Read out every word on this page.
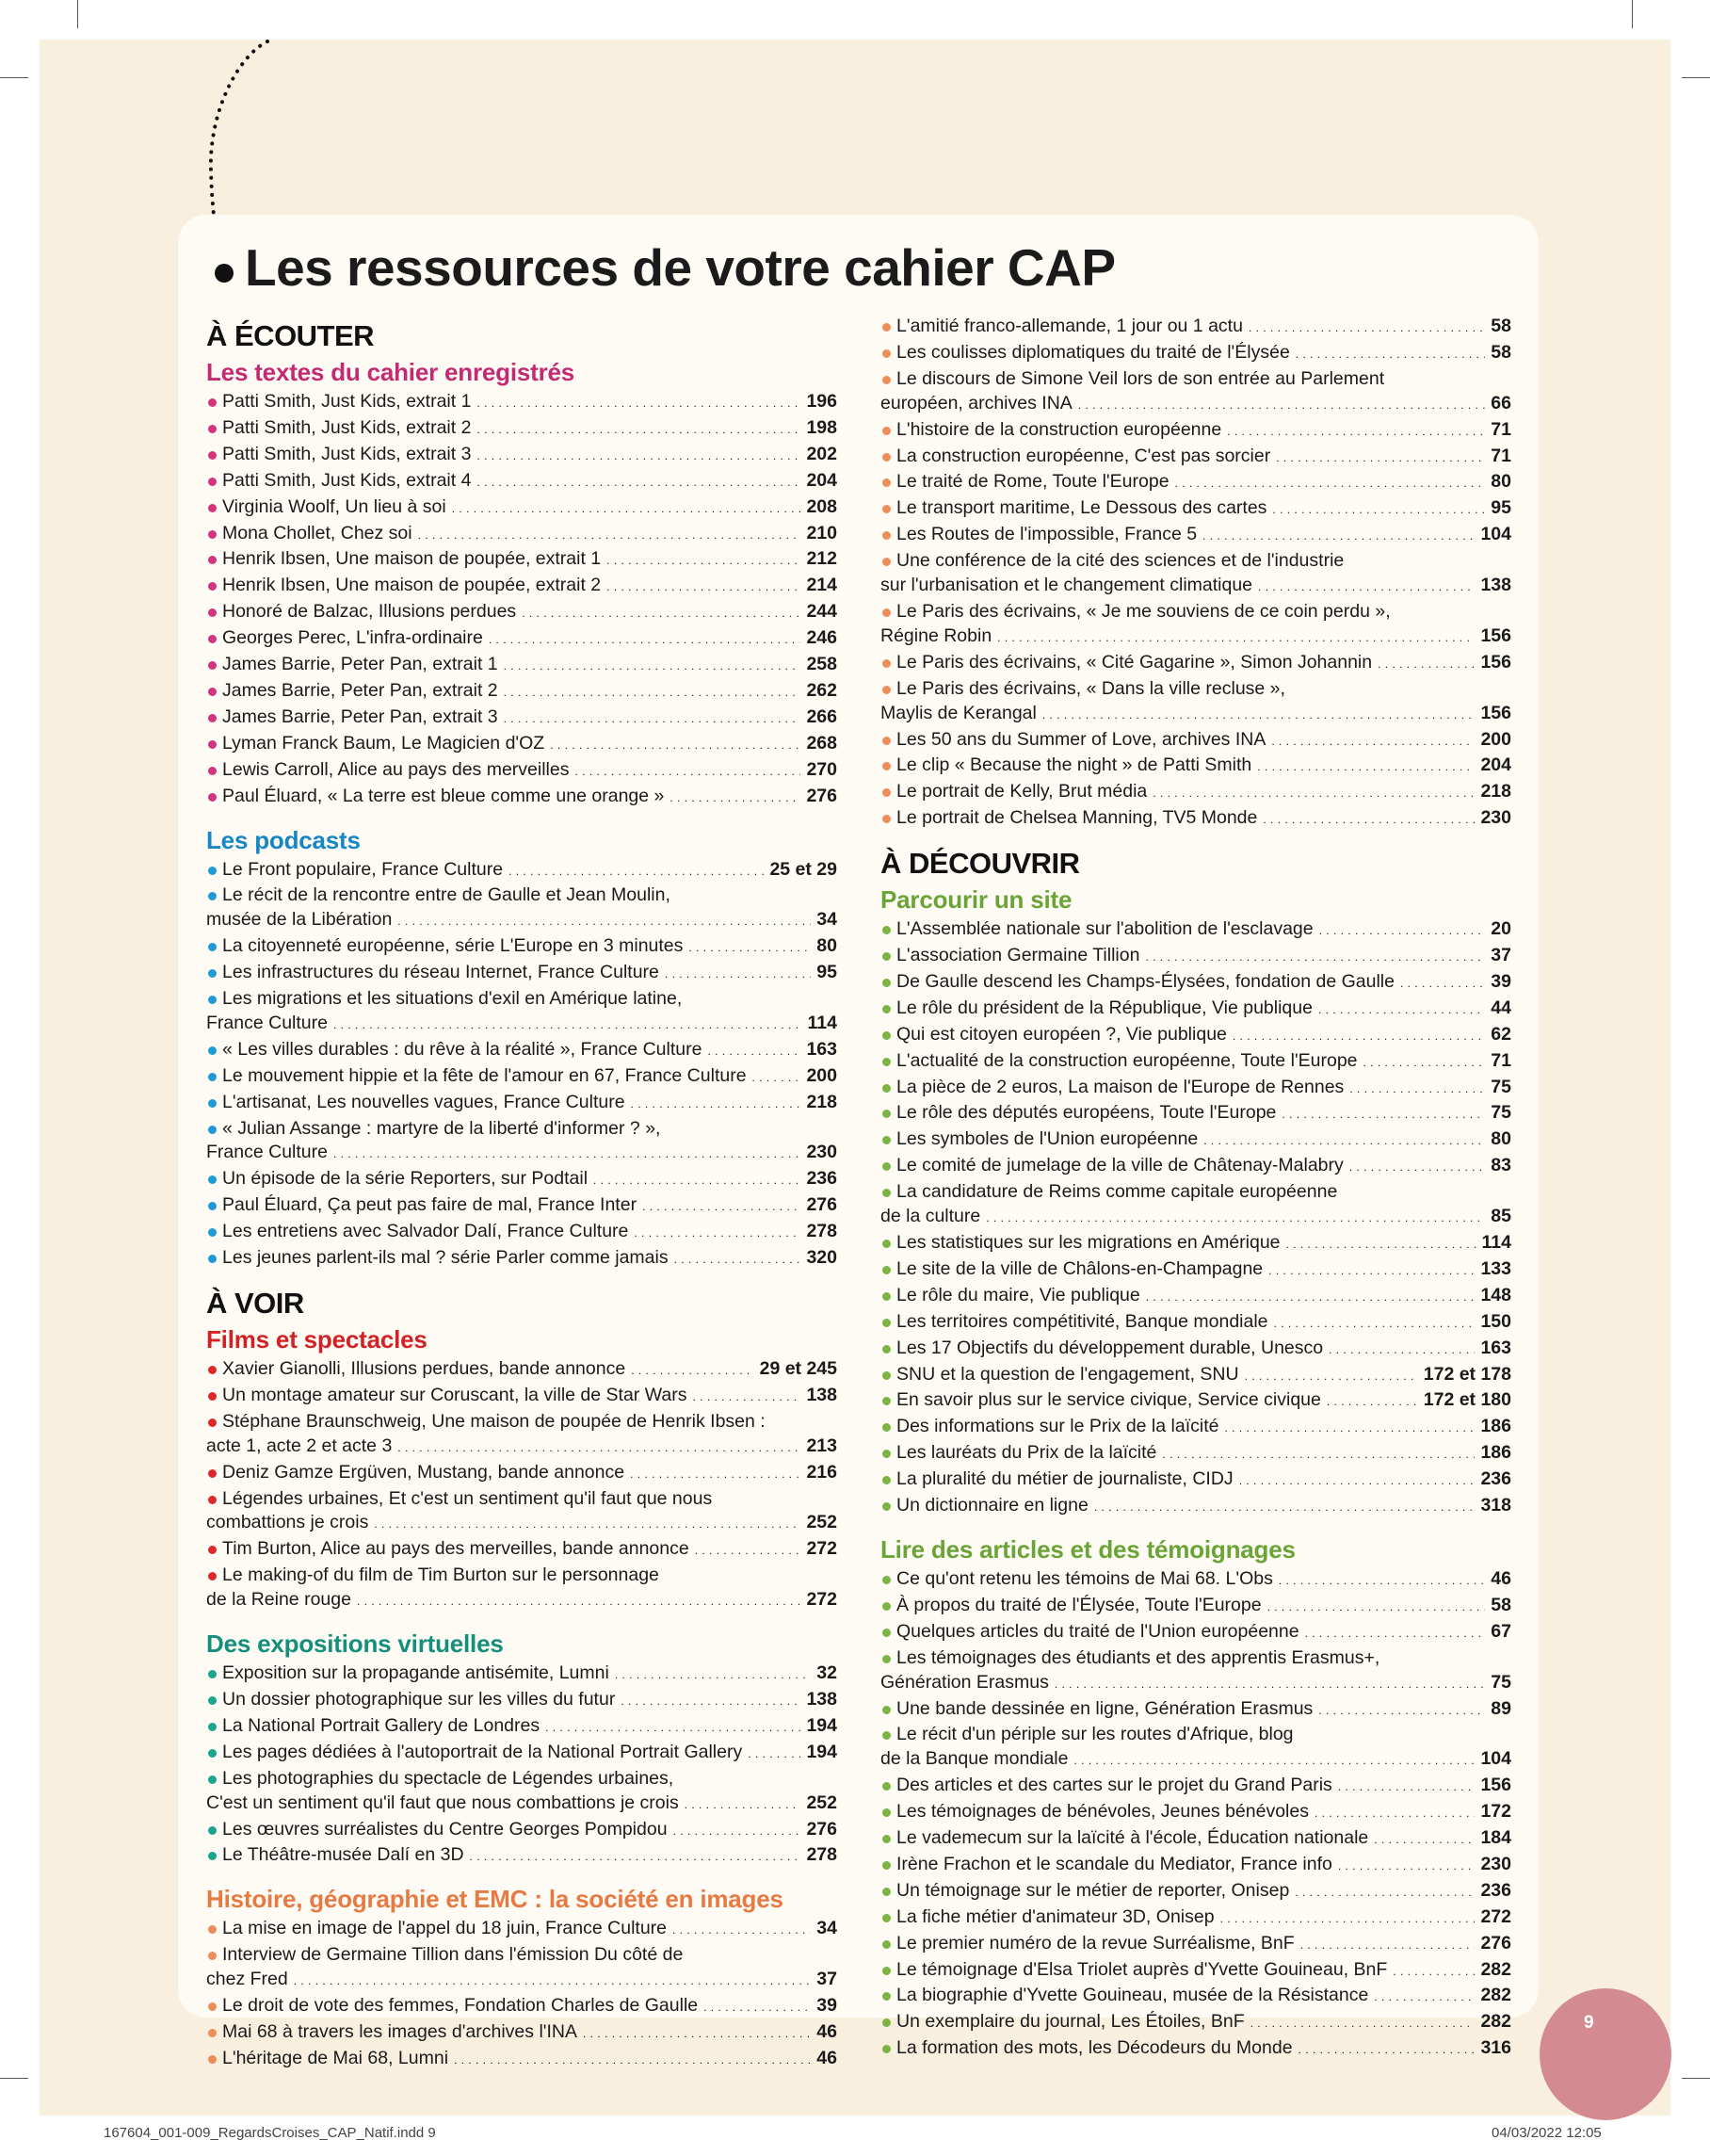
Les ressources de votre cahier CAP
À ÉCOUTER
Les textes du cahier enregistrés
Patti Smith, Just Kids, extrait 1 . . .	196
Patti Smith, Just Kids, extrait 2 . . .	198
Patti Smith, Just Kids, extrait 3 . . .	202
Patti Smith, Just Kids, extrait 4 . . .	204
Virginia Woolf, Un lieu à soi . . .	208
Mona Chollet, Chez soi . . .	210
Henrik Ibsen, Une maison de poupée, extrait 1 . . .	212
Henrik Ibsen, Une maison de poupée, extrait 2 . . .	214
Honoré de Balzac, Illusions perdues . . .	244
Georges Perec, L'infra-ordinaire . . .	246
James Barrie, Peter Pan, extrait 1 . . .	258
James Barrie, Peter Pan, extrait 2 . . .	262
James Barrie, Peter Pan, extrait 3 . . .	266
Lyman Franck Baum, Le Magicien d'OZ . . .	268
Lewis Carroll, Alice au pays des merveilles . . .	270
Paul Éluard, « La terre est bleue comme une orange » . . .	276
Les podcasts
Le Front populaire, France Culture . . .	25 et 29
Le récit de la rencontre entre de Gaulle et Jean Moulin,
musée de la Libération . . .	34
La citoyenneté européenne, série L'Europe en 3 minutes . . .	80
Les infrastructures du réseau Internet, France Culture . . .	95
Les migrations et les situations d'exil en Amérique latine,
France Culture . . .	114
« Les villes durables : du rêve à la réalité », France Culture . . .	163
Le mouvement hippie et la fête de l'amour en 67, France Culture . . .	200
L'artisanat, Les nouvelles vagues, France Culture . . .	218
« Julian Assange : martyre de la liberté d'informer ? »,
France Culture . . .	230
Un épisode de la série Reporters, sur Podtail . . .	236
Paul Éluard, Ça peut pas faire de mal, France Inter . . .	276
Les entretiens avec Salvador Dalí, France Culture . . .	278
Les jeunes parlent-ils mal ? série Parler comme jamais . . .	320
À VOIR
Films et spectacles
Xavier Gianolli, Illusions perdues, bande annonce . . .	29 et 245
Un montage amateur sur Coruscant, la ville de Star Wars . . .	138
Stéphane Braunschweig, Une maison de poupée de Henrik Ibsen :
acte 1, acte 2 et acte 3 . . .	213
Deniz Gamze Ergüven, Mustang, bande annonce . . .	216
Légendes urbaines, Et c'est un sentiment qu'il faut que nous
combattions je crois . . .	252
Tim Burton, Alice au pays des merveilles, bande annonce . . .	272
Le making-of du film de Tim Burton sur le personnage
de la Reine rouge . . .	272
Des expositions virtuelles
Exposition sur la propagande antisémite, Lumni . . .	32
Un dossier photographique sur les villes du futur . . .	138
La National Portrait Gallery de Londres . . .	194
Les pages dédiées à l'autoportrait de la National Portrait Gallery . . .	194
Les photographies du spectacle de Légendes urbaines,
C'est un sentiment qu'il faut que nous combattions je crois . . .	252
Les œuvres surréalistes du Centre Georges Pompidou . . .	276
Le Théâtre-musée Dalí en 3D . . .	278
Histoire, géographie et EMC : la société en images
La mise en image de l'appel du 18 juin, France Culture . . .	34
Interview de Germaine Tillion dans l'émission Du côté de
chez Fred . . .	37
Le droit de vote des femmes, Fondation Charles de Gaulle . . .	39
Mai 68 à travers les images d'archives l'INA . . .	46
L'héritage de Mai 68, Lumni . . .	46
L'amitié franco-allemande, 1 jour ou 1 actu . . .	58
Les coulisses diplomatiques du traité de l'Élysée . . .	58
Le discours de Simone Veil lors de son entrée au Parlement
européen, archives INA . . .	66
L'histoire de la construction européenne . . .	71
La construction européenne, C'est pas sorcier . . .	71
Le traité de Rome, Toute l'Europe . . .	80
Le transport maritime, Le Dessous des cartes . . .	95
Les Routes de l'impossible, France 5 . . .	104
Une conférence de la cité des sciences et de l'industrie
sur l'urbanisation et le changement climatique . . .	138
Le Paris des écrivains, « Je me souviens de ce coin perdu »,
Régine Robin . . .	156
Le Paris des écrivains, « Cité Gagarine », Simon Johannin . . .	156
Le Paris des écrivains, « Dans la ville recluse »,
Maylis de Kerangal . . .	156
Les 50 ans du Summer of Love, archives INA . . .	200
Le clip « Because the night » de Patti Smith . . .	204
Le portrait de Kelly, Brut média . . .	218
Le portrait de Chelsea Manning, TV5 Monde . . .	230
À DÉCOUVRIR
Parcourir un site
L'Assemblée nationale sur l'abolition de l'esclavage . . .	20
L'association Germaine Tillion . . .	37
De Gaulle descend les Champs-Élysées, fondation de Gaulle . . .	39
Le rôle du président de la République, Vie publique . . .	44
Qui est citoyen européen ?, Vie publique . . .	62
L'actualité de la construction européenne, Toute l'Europe . . .	71
La pièce de 2 euros, La maison de l'Europe de Rennes . . .	75
Le rôle des députés européens, Toute l'Europe . . .	75
Les symboles de l'Union européenne . . .	80
Le comité de jumelage de la ville de Châtenay-Malabry . . .	83
La candidature de Reims comme capitale européenne
de la culture . . .	85
Les statistiques sur les migrations en Amérique . . .	114
Le site de la ville de Châlons-en-Champagne . . .	133
Le rôle du maire, Vie publique . . .	148
Les territoires compétitivité, Banque mondiale . . .	150
Les 17 Objectifs du développement durable, Unesco . . .	163
SNU et la question de l'engagement, SNU . . .	172 et 178
En savoir plus sur le service civique, Service civique . . .	172 et 180
Des informations sur le Prix de la laïcité . . .	186
Les lauréats du Prix de la laïcité . . .	186
La pluralité du métier de journaliste, CIDJ . . .	236
Un dictionnaire en ligne . . .	318
Lire des articles et des témoignages
Ce qu'ont retenu les témoins de Mai 68. L'Obs . . .	46
À propos du traité de l'Élysée, Toute l'Europe . . .	58
Quelques articles du traité de l'Union européenne . . .	67
Les témoignages des étudiants et des apprentis Erasmus+,
Génération Erasmus . . .	75
Une bande dessinée en ligne, Génération Erasmus . . .	89
Le récit d'un périple sur les routes d'Afrique, blog
de la Banque mondiale . . .	104
Des articles et des cartes sur le projet du Grand Paris . . .	156
Les témoignages de bénévoles, Jeunes bénévoles . . .	172
Le vademecum sur la laïcité à l'école, Éducation nationale . . .	184
Irène Frachon et le scandale du Mediator, France info . . .	230
Un témoignage sur le métier de reporter, Onisep . . .	236
La fiche métier d'animateur 3D, Onisep . . .	272
Le premier numéro de la revue Surréalisme, BnF . . .	276
Le témoignage d'Elsa Triolet auprès d'Yvette Gouineau, BnF . . .	282
La biographie d'Yvette Gouineau, musée de la Résistance . . .	282
Un exemplaire du journal, Les Étoiles, BnF . . .	282
La formation des mots, les Décodeurs du Monde . . .	316
9
167604_001-009_RegardsCroises_CAP_Natif.indd 9	04/03/2022 12:05
